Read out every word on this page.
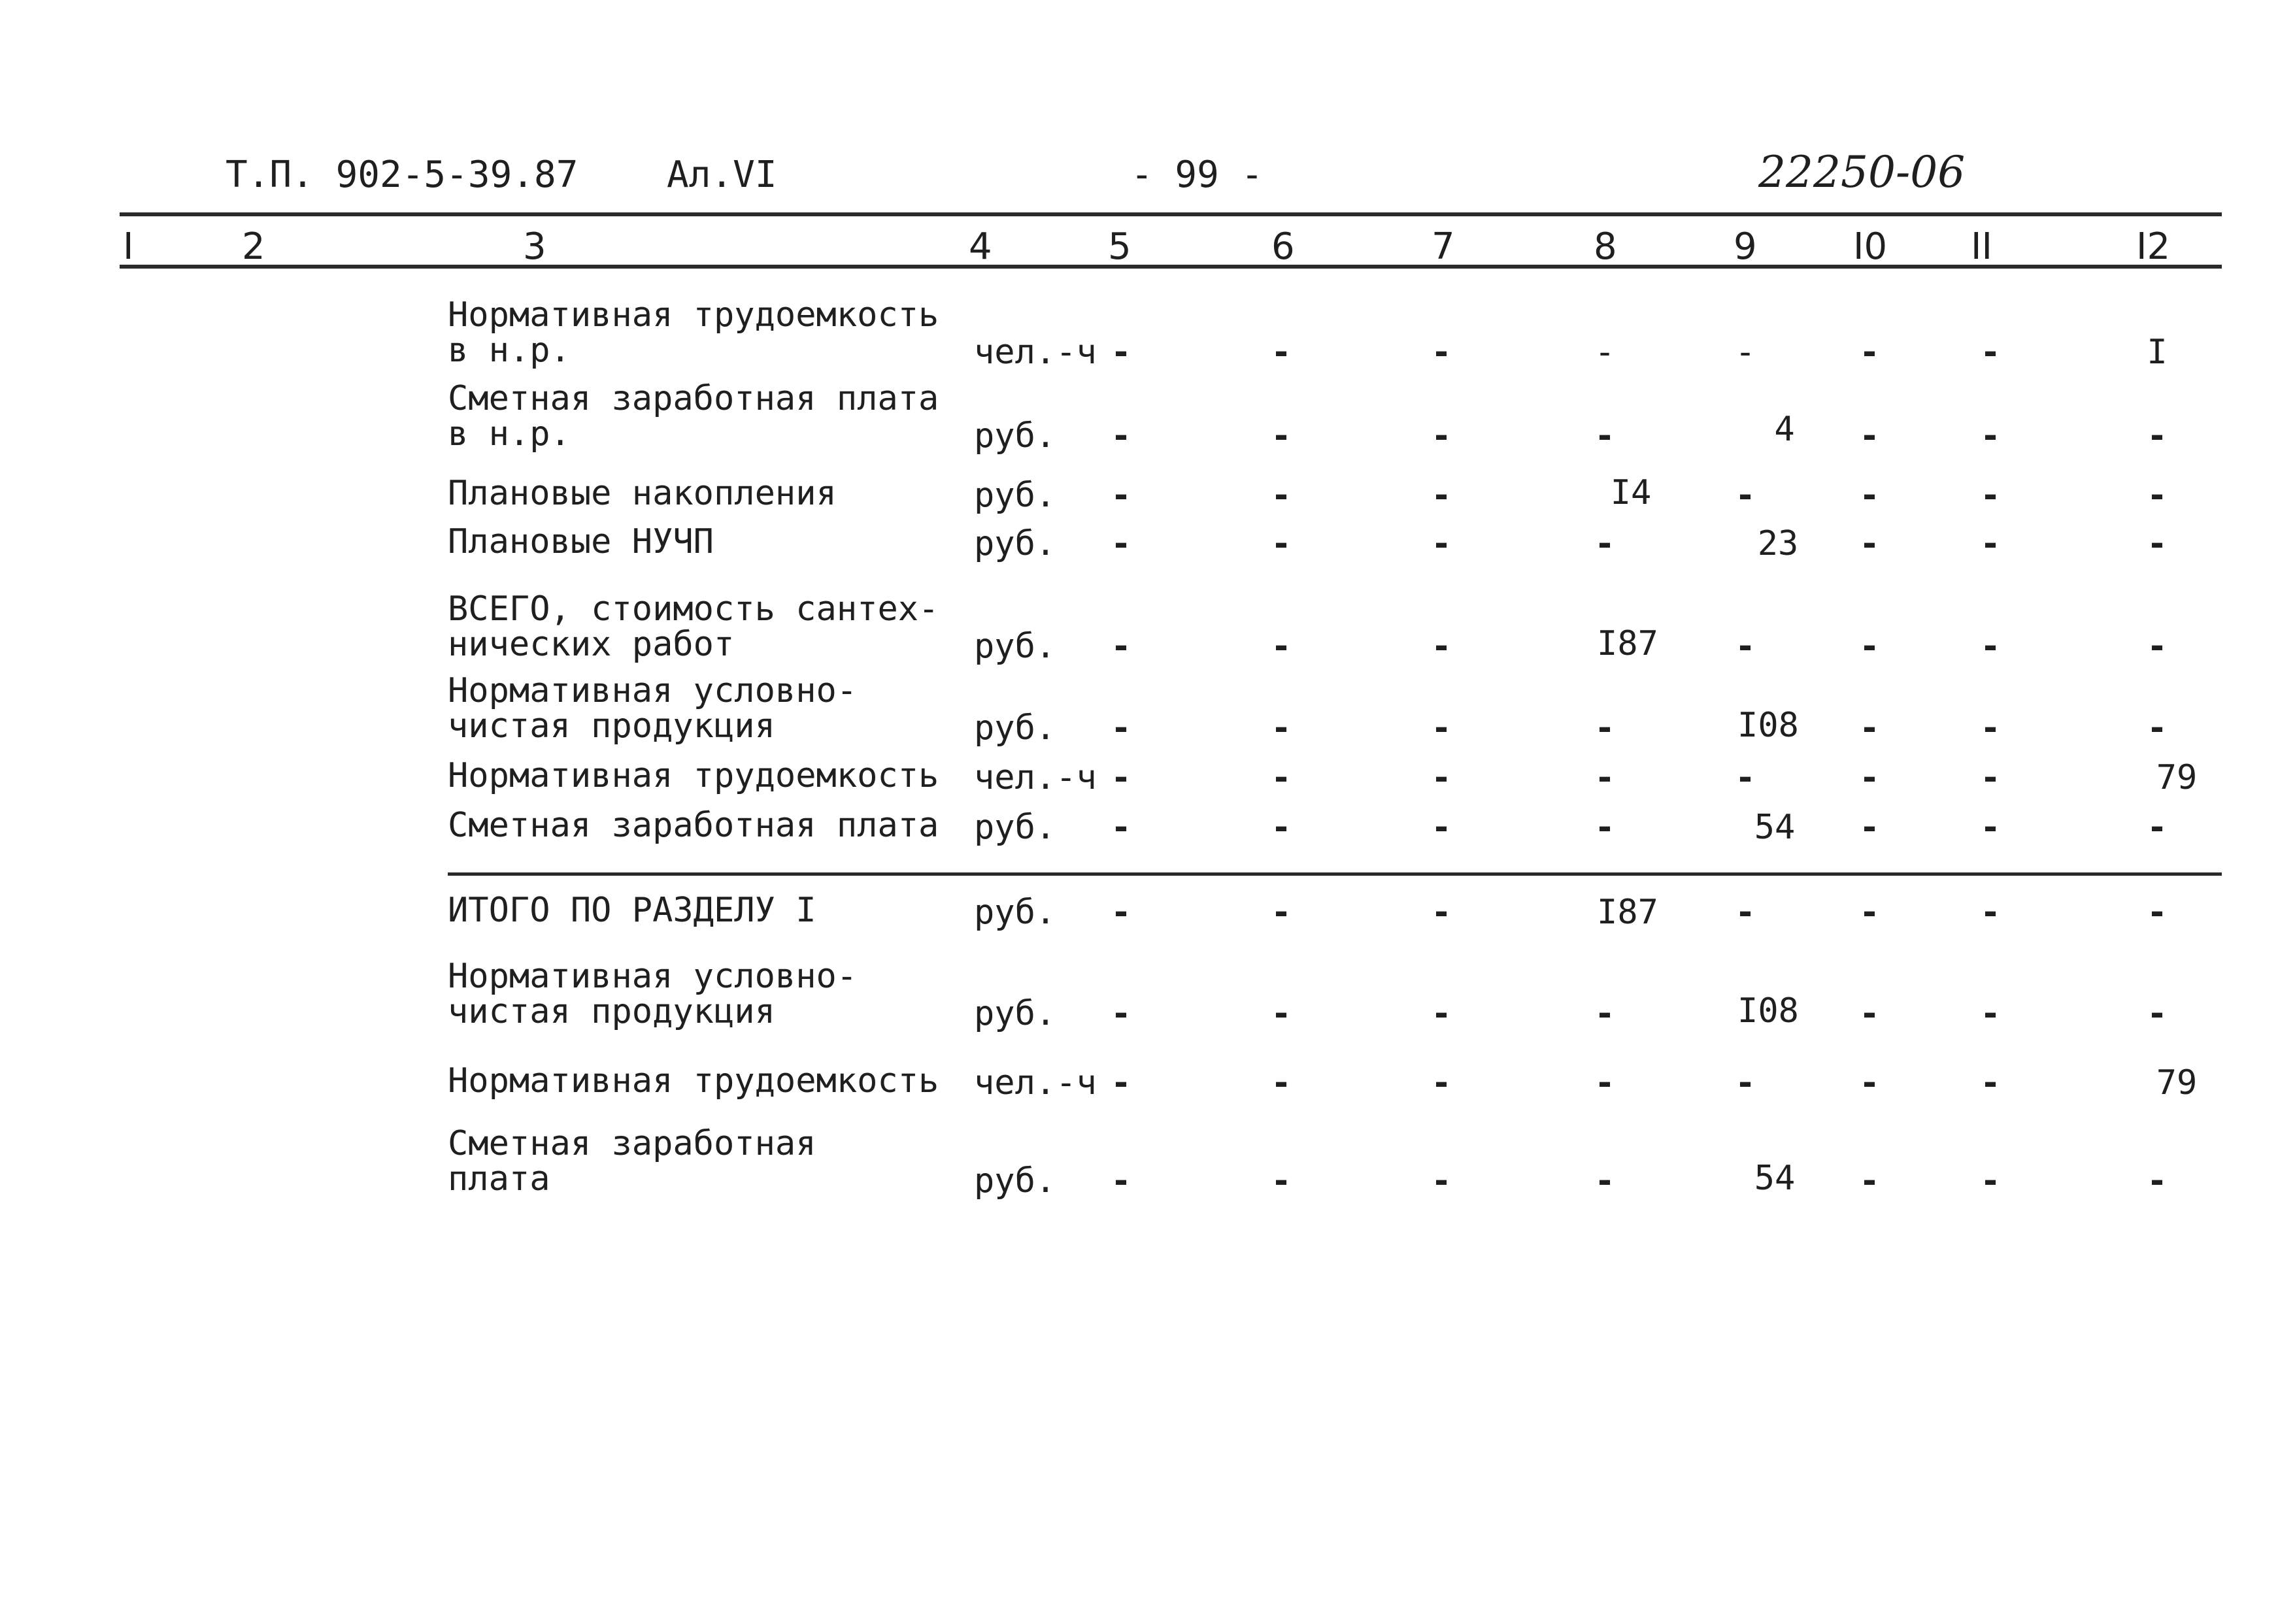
Т.П. 902-5-39.87 Ал.VI	- 99 -	22250-06
I	2	3	4	5	6	7	8	9	I0 II	I2
Нормативная трудоемкость
в н.р.	чел.-ч -	-	-	-	-	-	-	I
Сметная заработная плата
в н.р.	руб.	-	-	-	-	4	-	-	-
Плановые накопления	руб.	-	-	-	I4	-	-	-	-
Плановые НУЧП	руб.	-	-	-	-	23	-	-	-
ВСЕГО, стоимость сантех-
нических работ	руб.	-	-	-	I87	-	-	-	-
Нормативная условно-
чистая продукция	руб.	-	-	-	-	I08	-	-	-
Нормативная трудоемкость	чел.-ч -	-	-	-	-	-	-	79
Сметная заработная плата	руб.	-	-	-	-	54	-	-	-
ИТОГО ПО РАЗДЕЛУ I	руб.	-	-	-	I87	-	-	-	-
Нормативная условно-
чистая продукция	руб.	-	-	-	-	I08	-	-	-
Нормативная трудоемкость	чел.-ч -	-	-	-	-	-	-	79
Сметная заработная
плата	руб.	-	-	-	-	54	-	-	-
